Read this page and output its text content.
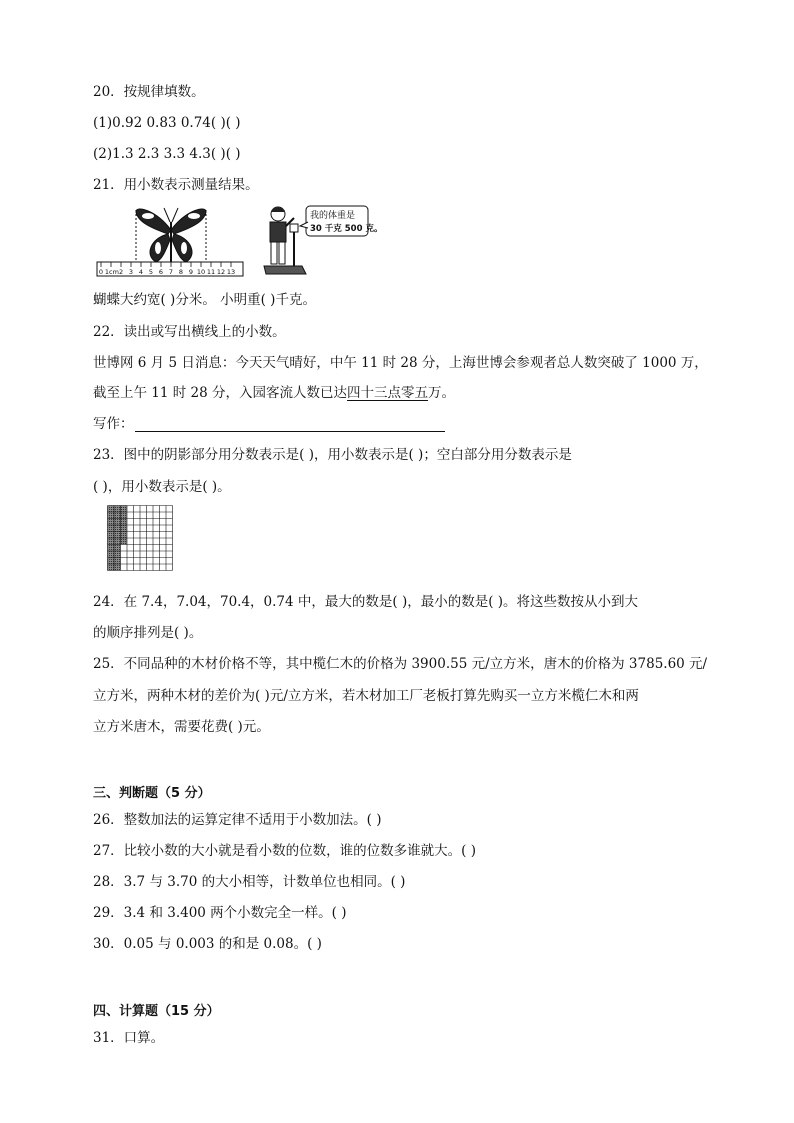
20．按规律填数。
(1)0.92 0.83 0.74( )( )
(2)1.3 2.3 3.3 4.3( )( )
21．用小数表示测量结果。
0 1cm2 3 4 5 6 7 8 9 10 11 12 13
我的体重是
30 千克 500 克。
蝴蝶大约宽( )分米。 小明重( )千克。
22．读出或写出横线上的小数。
世博网 6 月 5 日消息：今天天气晴好，中午 11 时 28 分，上海世博会参观者总人数突破了 1000 万，
截至上午 11 时 28 分，入园客流人数已达四十三点零五万。
写作：
23．图中的阴影部分用分数表示是( )，用小数表示是( )；空白部分用分数表示是
( )，用小数表示是( )。
24．在 7.4，7.04，70.4，0.74 中，最大的数是( )，最小的数是( )。将这些数按从小到大
的顺序排列是( )。
25．不同品种的木材价格不等，其中榄仁木的价格为 3900.55 元/立方米，唐木的价格为 3785.60 元/
立方米，两种木材的差价为( )元/立方米，若木材加工厂老板打算先购买一立方米榄仁木和两
立方米唐木，需要花费( )元。
三、判断题（5 分）
26．整数加法的运算定律不适用于小数加法。( )
27．比较小数的大小就是看小数的位数，谁的位数多谁就大。( )
28．3.7 与 3.70 的大小相等，计数单位也相同。( )
29．3.4 和 3.400 两个小数完全一样。( )
30．0.05 与 0.003 的和是 0.08。( )
四、计算题（15 分）
31．口算。
